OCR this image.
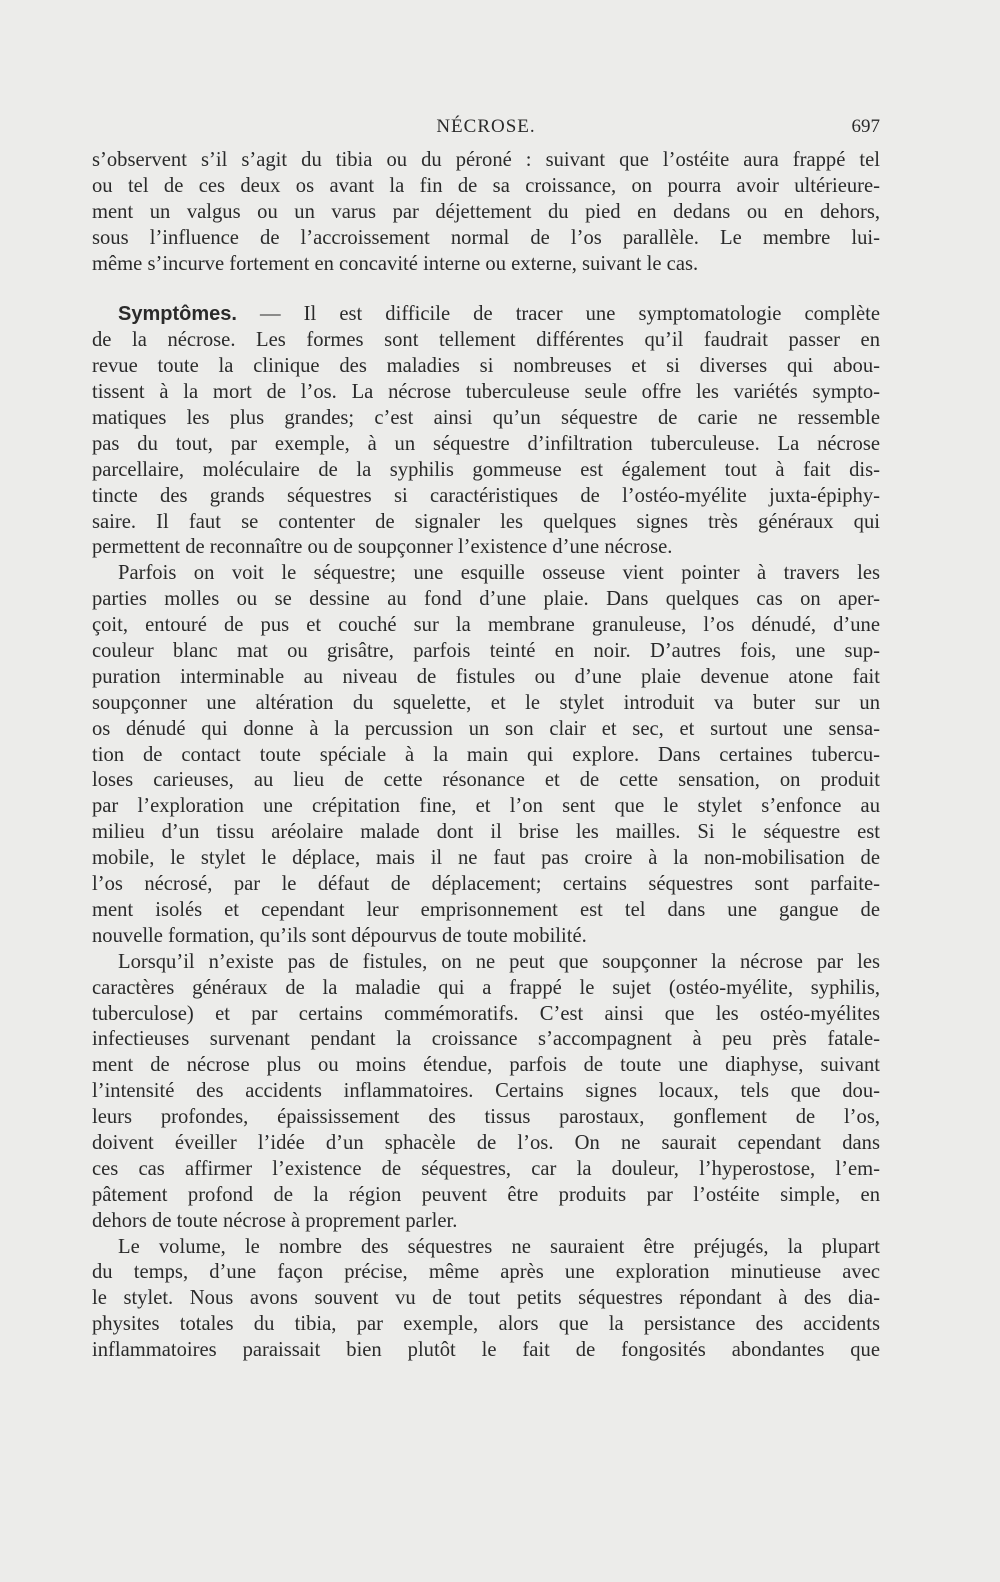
NÉCROSE.	697
s’observent s’il s’agit du tibia ou du péroné : suivant que l’ostéite aura frappé tel
ou tel de ces deux os avant la fin de sa croissance, on pourra avoir ultérieure-
ment un valgus ou un varus par déjettement du pied en dedans ou en dehors,
sous l’influence de l’accroissement normal de l’os parallèle. Le membre lui-
même s’incurve fortement en concavité interne ou externe, suivant le cas.
Symptômes. — Il est difficile de tracer une symptomatologie complète
de la nécrose. Les formes sont tellement différentes qu’il faudrait passer en
revue toute la clinique des maladies si nombreuses et si diverses qui abou-
tissent à la mort de l’os. La nécrose tuberculeuse seule offre les variétés sympto-
matiques les plus grandes; c’est ainsi qu’un séquestre de carie ne ressemble
pas du tout, par exemple, à un séquestre d’infiltration tuberculeuse. La nécrose
parcellaire, moléculaire de la syphilis gommeuse est également tout à fait dis-
tincte des grands séquestres si caractéristiques de l’ostéo-myélite juxta-épiphy-
saire. Il faut se contenter de signaler les quelques signes très généraux qui
permettent de reconnaître ou de soupçonner l’existence d’une nécrose.
Parfois on voit le séquestre; une esquille osseuse vient pointer à travers les
parties molles ou se dessine au fond d’une plaie. Dans quelques cas on aper-
çoit, entouré de pus et couché sur la membrane granuleuse, l’os dénudé, d’une
couleur blanc mat ou grisâtre, parfois teinté en noir. D’autres fois, une sup-
puration interminable au niveau de fistules ou d’une plaie devenue atone fait
soupçonner une altération du squelette, et le stylet introduit va buter sur un
os dénudé qui donne à la percussion un son clair et sec, et surtout une sensa-
tion de contact toute spéciale à la main qui explore. Dans certaines tubercu-
loses carieuses, au lieu de cette résonance et de cette sensation, on produit
par l’exploration une crépitation fine, et l’on sent que le stylet s’enfonce au
milieu d’un tissu aréolaire malade dont il brise les mailles. Si le séquestre est
mobile, le stylet le déplace, mais il ne faut pas croire à la non-mobilisation de
l’os nécrosé, par le défaut de déplacement; certains séquestres sont parfaite-
ment isolés et cependant leur emprisonnement est tel dans une gangue de
nouvelle formation, qu’ils sont dépourvus de toute mobilité.
Lorsqu’il n’existe pas de fistules, on ne peut que soupçonner la nécrose par les
caractères généraux de la maladie qui a frappé le sujet (ostéo-myélite, syphilis,
tuberculose) et par certains commémoratifs. C’est ainsi que les ostéo-myélites
infectieuses survenant pendant la croissance s’accompagnent à peu près fatale-
ment de nécrose plus ou moins étendue, parfois de toute une diaphyse, suivant
l’intensité des accidents inflammatoires. Certains signes locaux, tels que dou-
leurs profondes, épaississement des tissus parostaux, gonflement de l’os,
doivent éveiller l’idée d’un sphacèle de l’os. On ne saurait cependant dans
ces cas affirmer l’existence de séquestres, car la douleur, l’hyperostose, l’em-
pâtement profond de la région peuvent être produits par l’ostéite simple, en
dehors de toute nécrose à proprement parler.
Le volume, le nombre des séquestres ne sauraient être préjugés, la plupart
du temps, d’une façon précise, même après une exploration minutieuse avec
le stylet. Nous avons souvent vu de tout petits séquestres répondant à des dia-
physites totales du tibia, par exemple, alors que la persistance des accidents
inflammatoires paraissait bien plutôt le fait de fongosités abondantes que
